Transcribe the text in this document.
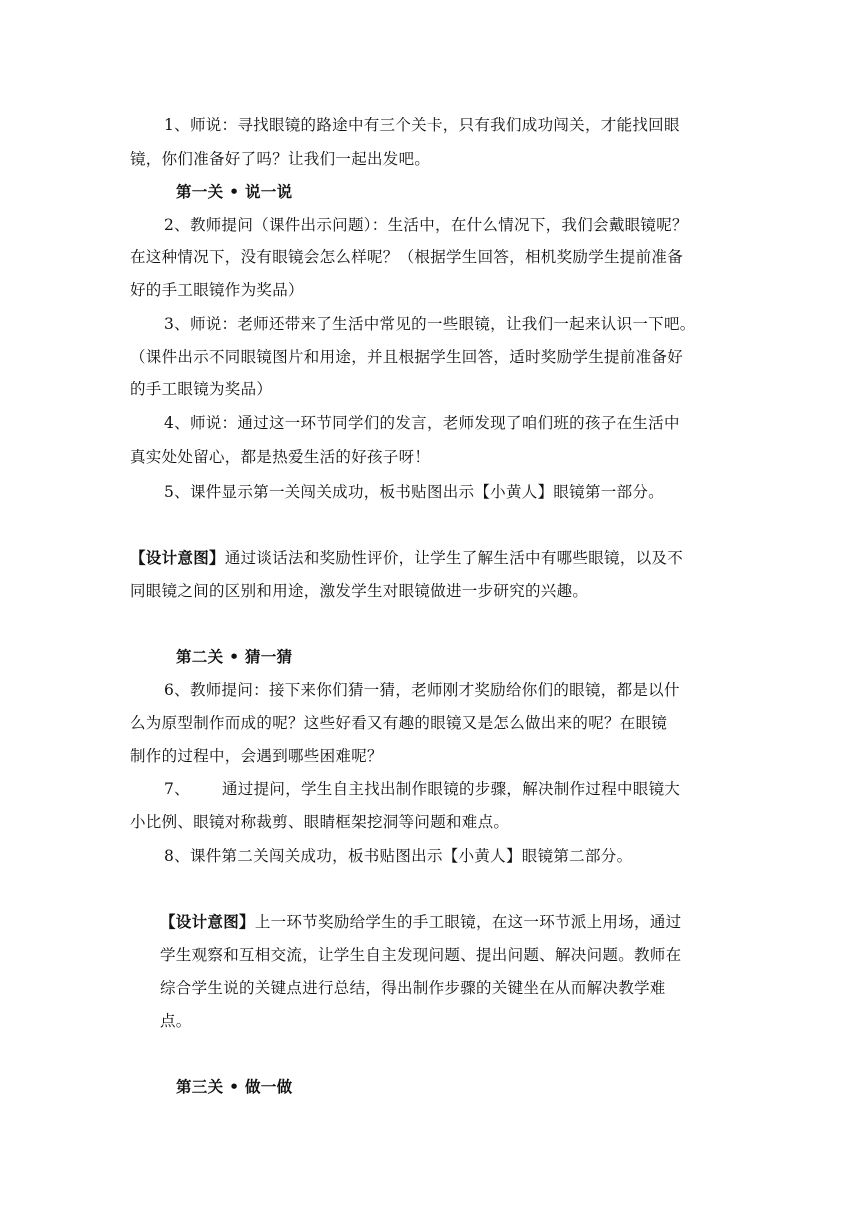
1、师说：寻找眼镜的路途中有三个关卡，只有我们成功闯关，才能找回眼
镜，你们准备好了吗？让我们一起出发吧。
第一关 • 说一说
2、教师提问（课件出示问题）：生活中，在什么情况下，我们会戴眼镜呢？
在这种情况下，没有眼镜会怎么样呢？（根据学生回答，相机奖励学生提前准备
好的手工眼镜作为奖品）
3、师说：老师还带来了生活中常见的一些眼镜，让我们一起来认识一下吧。
（课件出示不同眼镜图片和用途，并且根据学生回答，适时奖励学生提前准备好
的手工眼镜为奖品）
4、师说：通过这一环节同学们的发言，老师发现了咱们班的孩子在生活中
真实处处留心，都是热爱生活的好孩子呀！
5、课件显示第一关闯关成功，板书贴图出示【小黄人】眼镜第一部分。
【设计意图】通过谈话法和奖励性评价，让学生了解生活中有哪些眼镜，以及不
同眼镜之间的区别和用途，激发学生对眼镜做进一步研究的兴趣。
第二关 • 猜一猜
6、教师提问：接下来你们猜一猜，老师刚才奖励给你们的眼镜，都是以什
么为原型制作而成的呢？这些好看又有趣的眼镜又是怎么做出来的呢？在眼镜
制作的过程中，会遇到哪些困难呢？
7、	通过提问，学生自主找出制作眼镜的步骤，解决制作过程中眼镜大
小比例、眼镜对称裁剪、眼睛框架挖洞等问题和难点。
8、课件第二关闯关成功，板书贴图出示【小黄人】眼镜第二部分。
【设计意图】上一环节奖励给学生的手工眼镜，在这一环节派上用场，通过
学生观察和互相交流，让学生自主发现问题、提出问题、解决问题。教师在
综合学生说的关键点进行总结，得出制作步骤的关键坐在从而解决教学难
点。
第三关 • 做一做
